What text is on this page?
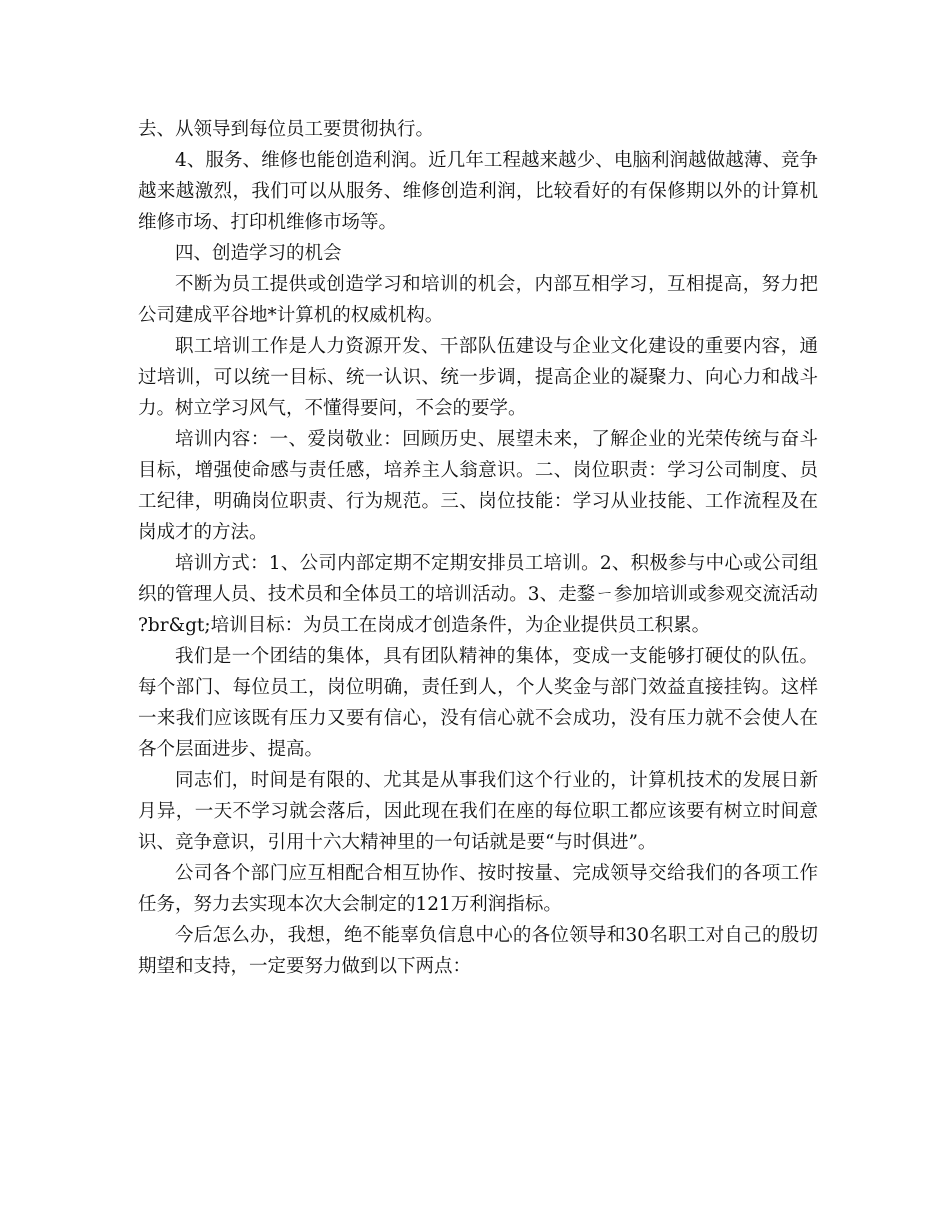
去、从领导到每位员工要贯彻执行。

4、服务、维修也能创造利润。近几年工程越来越少、电脑利润越做越薄、竞争越来越激烈，我们可以从服务、维修创造利润，比较看好的有保修期以外的计算机维修市场、打印机维修市场等。

四、创造学习的机会

不断为员工提供或创造学习和培训的机会，内部互相学习，互相提高，努力把公司建成平谷地*计算机的权威机构。

职工培训工作是人力资源开发、干部队伍建设与企业文化建设的重要内容，通过培训，可以统一目标、统一认识、统一步调，提高企业的凝聚力、向心力和战斗力。树立学习风气，不懂得要问，不会的要学。

培训内容：一、爱岗敬业：回顾历史、展望未来，了解企业的光荣传统与奋斗目标，增强使命感与责任感，培养主人翁意识。二、岗位职责：学习公司制度、员工纪律，明确岗位职责、行为规范。三、岗位技能：学习从业技能、工作流程及在岗成才的方法。

培训方式：1、公司内部定期不定期安排员工培训。2、积极参与中心或公司组织的管理人员、技术员和全体员工的培训活动。3、走鍪ㄧ参加培训或参观交流活动?br&gt;培训目标：为员工在岗成才创造条件，为企业提供员工积累。

我们是一个团结的集体，具有团队精神的集体，变成一支能够打硬仗的队伍。每个部门、每位员工，岗位明确，责任到人，个人奖金与部门效益直接挂钩。这样一来我们应该既有压力又要有信心，没有信心就不会成功，没有压力就不会使人在各个层面进步、提高。

同志们，时间是有限的、尤其是从事我们这个行业的，计算机技术的发展日新月异，一天不学习就会落后，因此现在我们在座的每位职工都应该要有树立时间意识、竞争意识，引用十六大精神里的一句话就是要“与时俱进”。

公司各个部门应互相配合相互协作、按时按量、完成领导交给我们的各项工作任务，努力去实现本次大会制定的121万利润指标。

今后怎么办，我想，绝不能辜负信息中心的各位领导和30名职工对自己的殷切期望和支持，一定要努力做到以下两点：
